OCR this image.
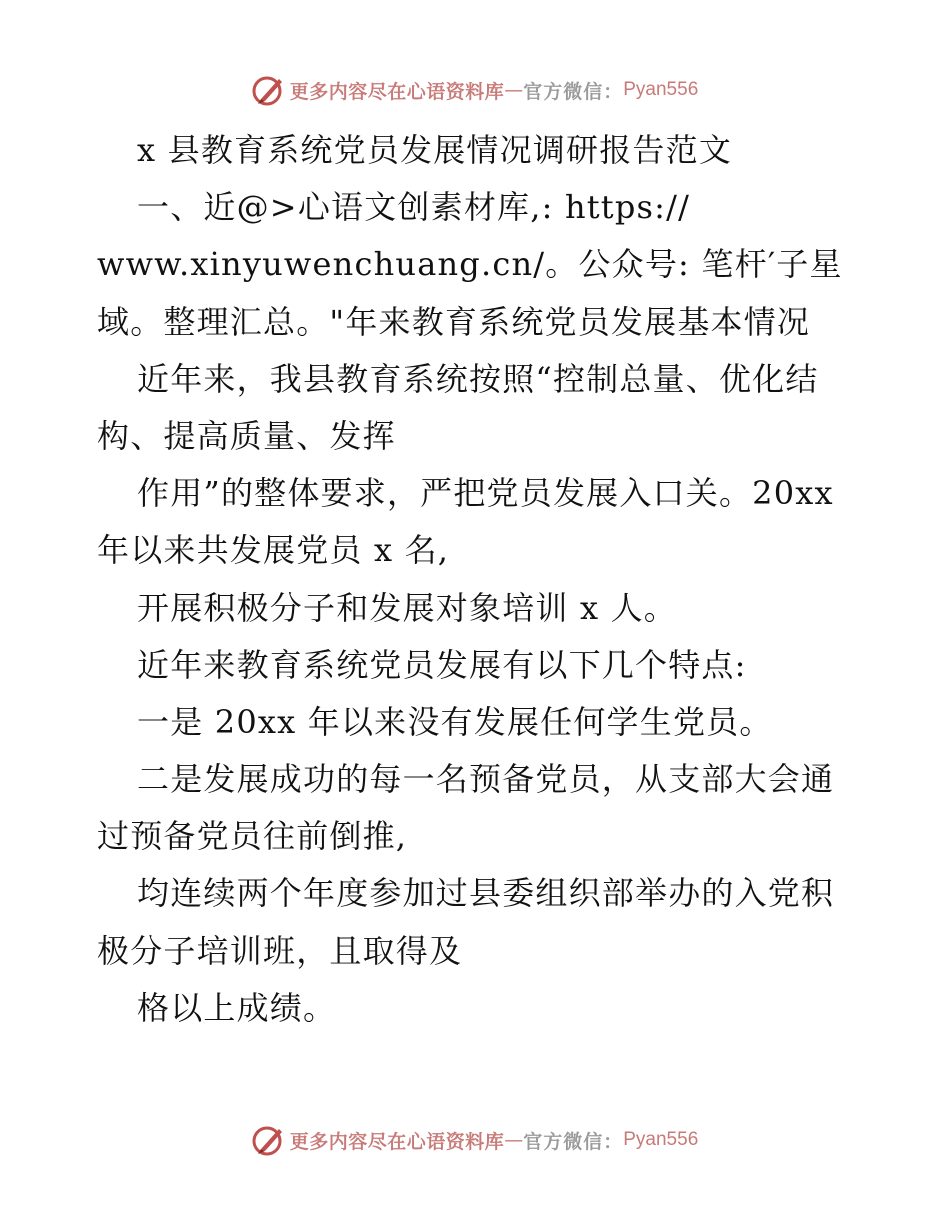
更多内容尽在心语资料库 — 官方微信： Pyan556
x 县教育系统党员发展情况调研报告范文
一、近@>心语文创素材库,: https://
www.xinyuwenchuang.cn/。公众号: 笔杆′子星
域。整理汇总。"年来教育系统党员发展基本情况
近年来，我县教育系统按照“控制总量、优化结
构、提高质量、发挥
作用”的整体要求，严把党员发展入口关。20xx
年以来共发展党员 x 名,
开展积极分子和发展对象培训 x 人。
近年来教育系统党员发展有以下几个特点:
一是 20xx 年以来没有发展任何学生党员。
二是发展成功的每一名预备党员，从支部大会通
过预备党员往前倒推,
均连续两个年度参加过县委组织部举办的入党积
极分子培训班，且取得及
格以上成绩。
更多内容尽在心语资料库 — 官方微信： Pyan556
